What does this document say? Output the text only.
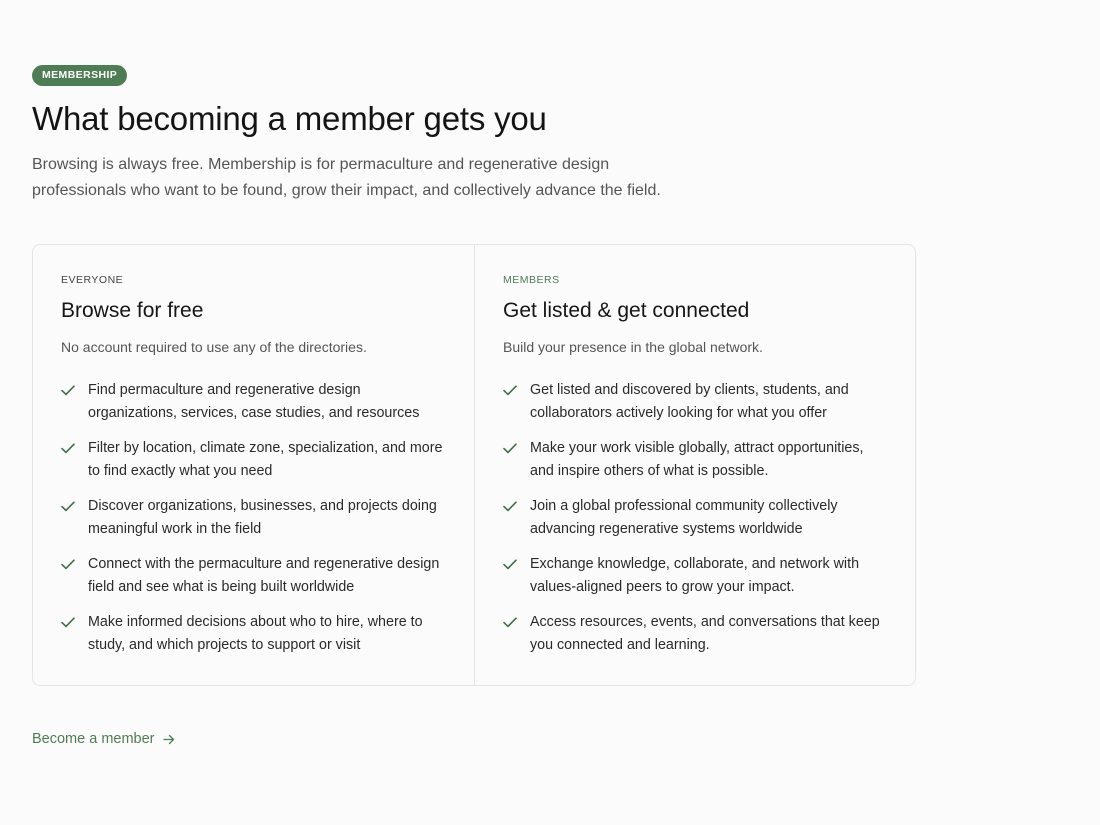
MEMBERSHIP
What becoming a member gets you

Browsing is always free. Membership is for permaculture and regenerative design professionals who want to be found, grow their impact, and collectively advance the field.

EVERYONE
Browse for free

No account required to use any of the directories.

Find permaculture and regenerative design organizations, services, case studies, and resources
Filter by location, climate zone, specialization, and more to find exactly what you need
Discover organizations, businesses, and projects doing meaningful work in the field
Connect with the permaculture and regenerative design field and see what is being built worldwide
Make informed decisions about who to hire, where to study, and which projects to support or visit
MEMBERS
Get listed & get connected

Build your presence in the global network.

Get listed and discovered by clients, students, and collaborators actively looking for what you offer
Make your work visible globally, attract opportunities, and inspire others of what is possible.
Join a global professional community collectively advancing regenerative systems worldwide
Exchange knowledge, collaborate, and network with values-aligned peers to grow your impact.
Access resources, events, and conversations that keep you connected and learning.
Become a member
